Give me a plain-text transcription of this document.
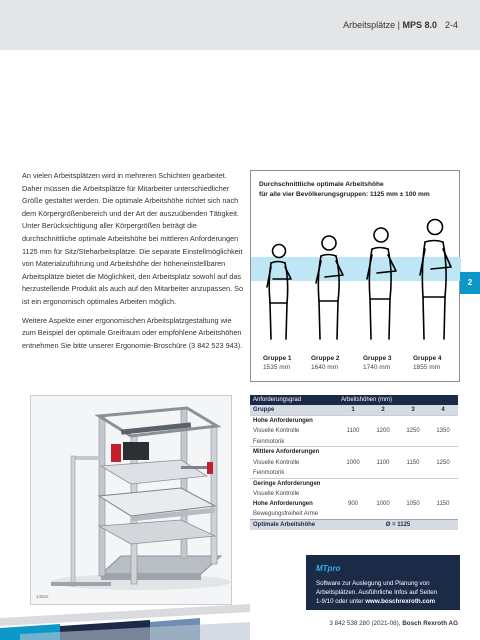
Arbeitsplätze | MPS 8.0 2-4

An vielen Arbeitsplätzen wird in mehreren Schichten gearbeitet. Daher müssen die Arbeitsplätze für Mitarbeiter unterschiedlicher Größe gestaltet werden. Die optimale Arbeitshöhe richtet sich nach dem Körpergrößenbereich und der Art der auszuübenden Tätigkeit. Unter Berücksichtigung aller Körpergrößen beträgt die durchschnittliche optimale Arbeitshöhe bei mittleren Anforderungen 1125 mm für Sitz/Steharbeitsplätze. Die separate Einstellmöglichkeit von Materialzuführung und Arbeitshöhe der höheneinstellbaren Arbeitsplätze bietet die Möglichkeit, den Arbeitsplatz sowohl auf das herzustellende Produkt als auch auf den Mitarbeiter anzupassen. So ist ein ergonomisch optimales Arbeiten möglich.

Weitere Aspekte einer ergonomischen Arbeitsplatzgestaltung wie zum Beispiel der optimale Greifraum oder empfohlene Arbeitshöhen entnehmen Sie bitte unserer Ergonomie-Broschüre (3 842 523 943).

Durchschnittliche optimale Arbeitshöhe
für alle vier Bevölkerungsgruppen: 1125 mm ± 100 mm
Gruppe 1
1535 mm
Gruppe 2
1640 mm
Gruppe 3
1740 mm
Gruppe 4
1855 mm
2
14552
Anforderungsgrad	Arbeitshöhen (mm)			
Gruppe	1	2	3	4
Hohe Anforderungen				
Visuelle Kontrolle	1100	1200	1250	1350
Feinmotorik				
Mittlere Anforderungen				
Visuelle Kontrolle	1000	1100	1150	1250
Feinmotorik				
Geringe Anforderungen				
Visuelle Kontrolle				
Hohe Anforderungen	900	1000	1050	1150
Bewegungsfreiheit Arme				
Optimale Arbeitshöhe	Ø = 1125			
MTpro
Software zur Auslegung und Planung von
Arbeitsplätzen. Ausführliche Infos auf Seiten
1-9/10 oder unter www.boschrexroth.com
3 842 538 280 (2021-08), Bosch Rexroth AG
